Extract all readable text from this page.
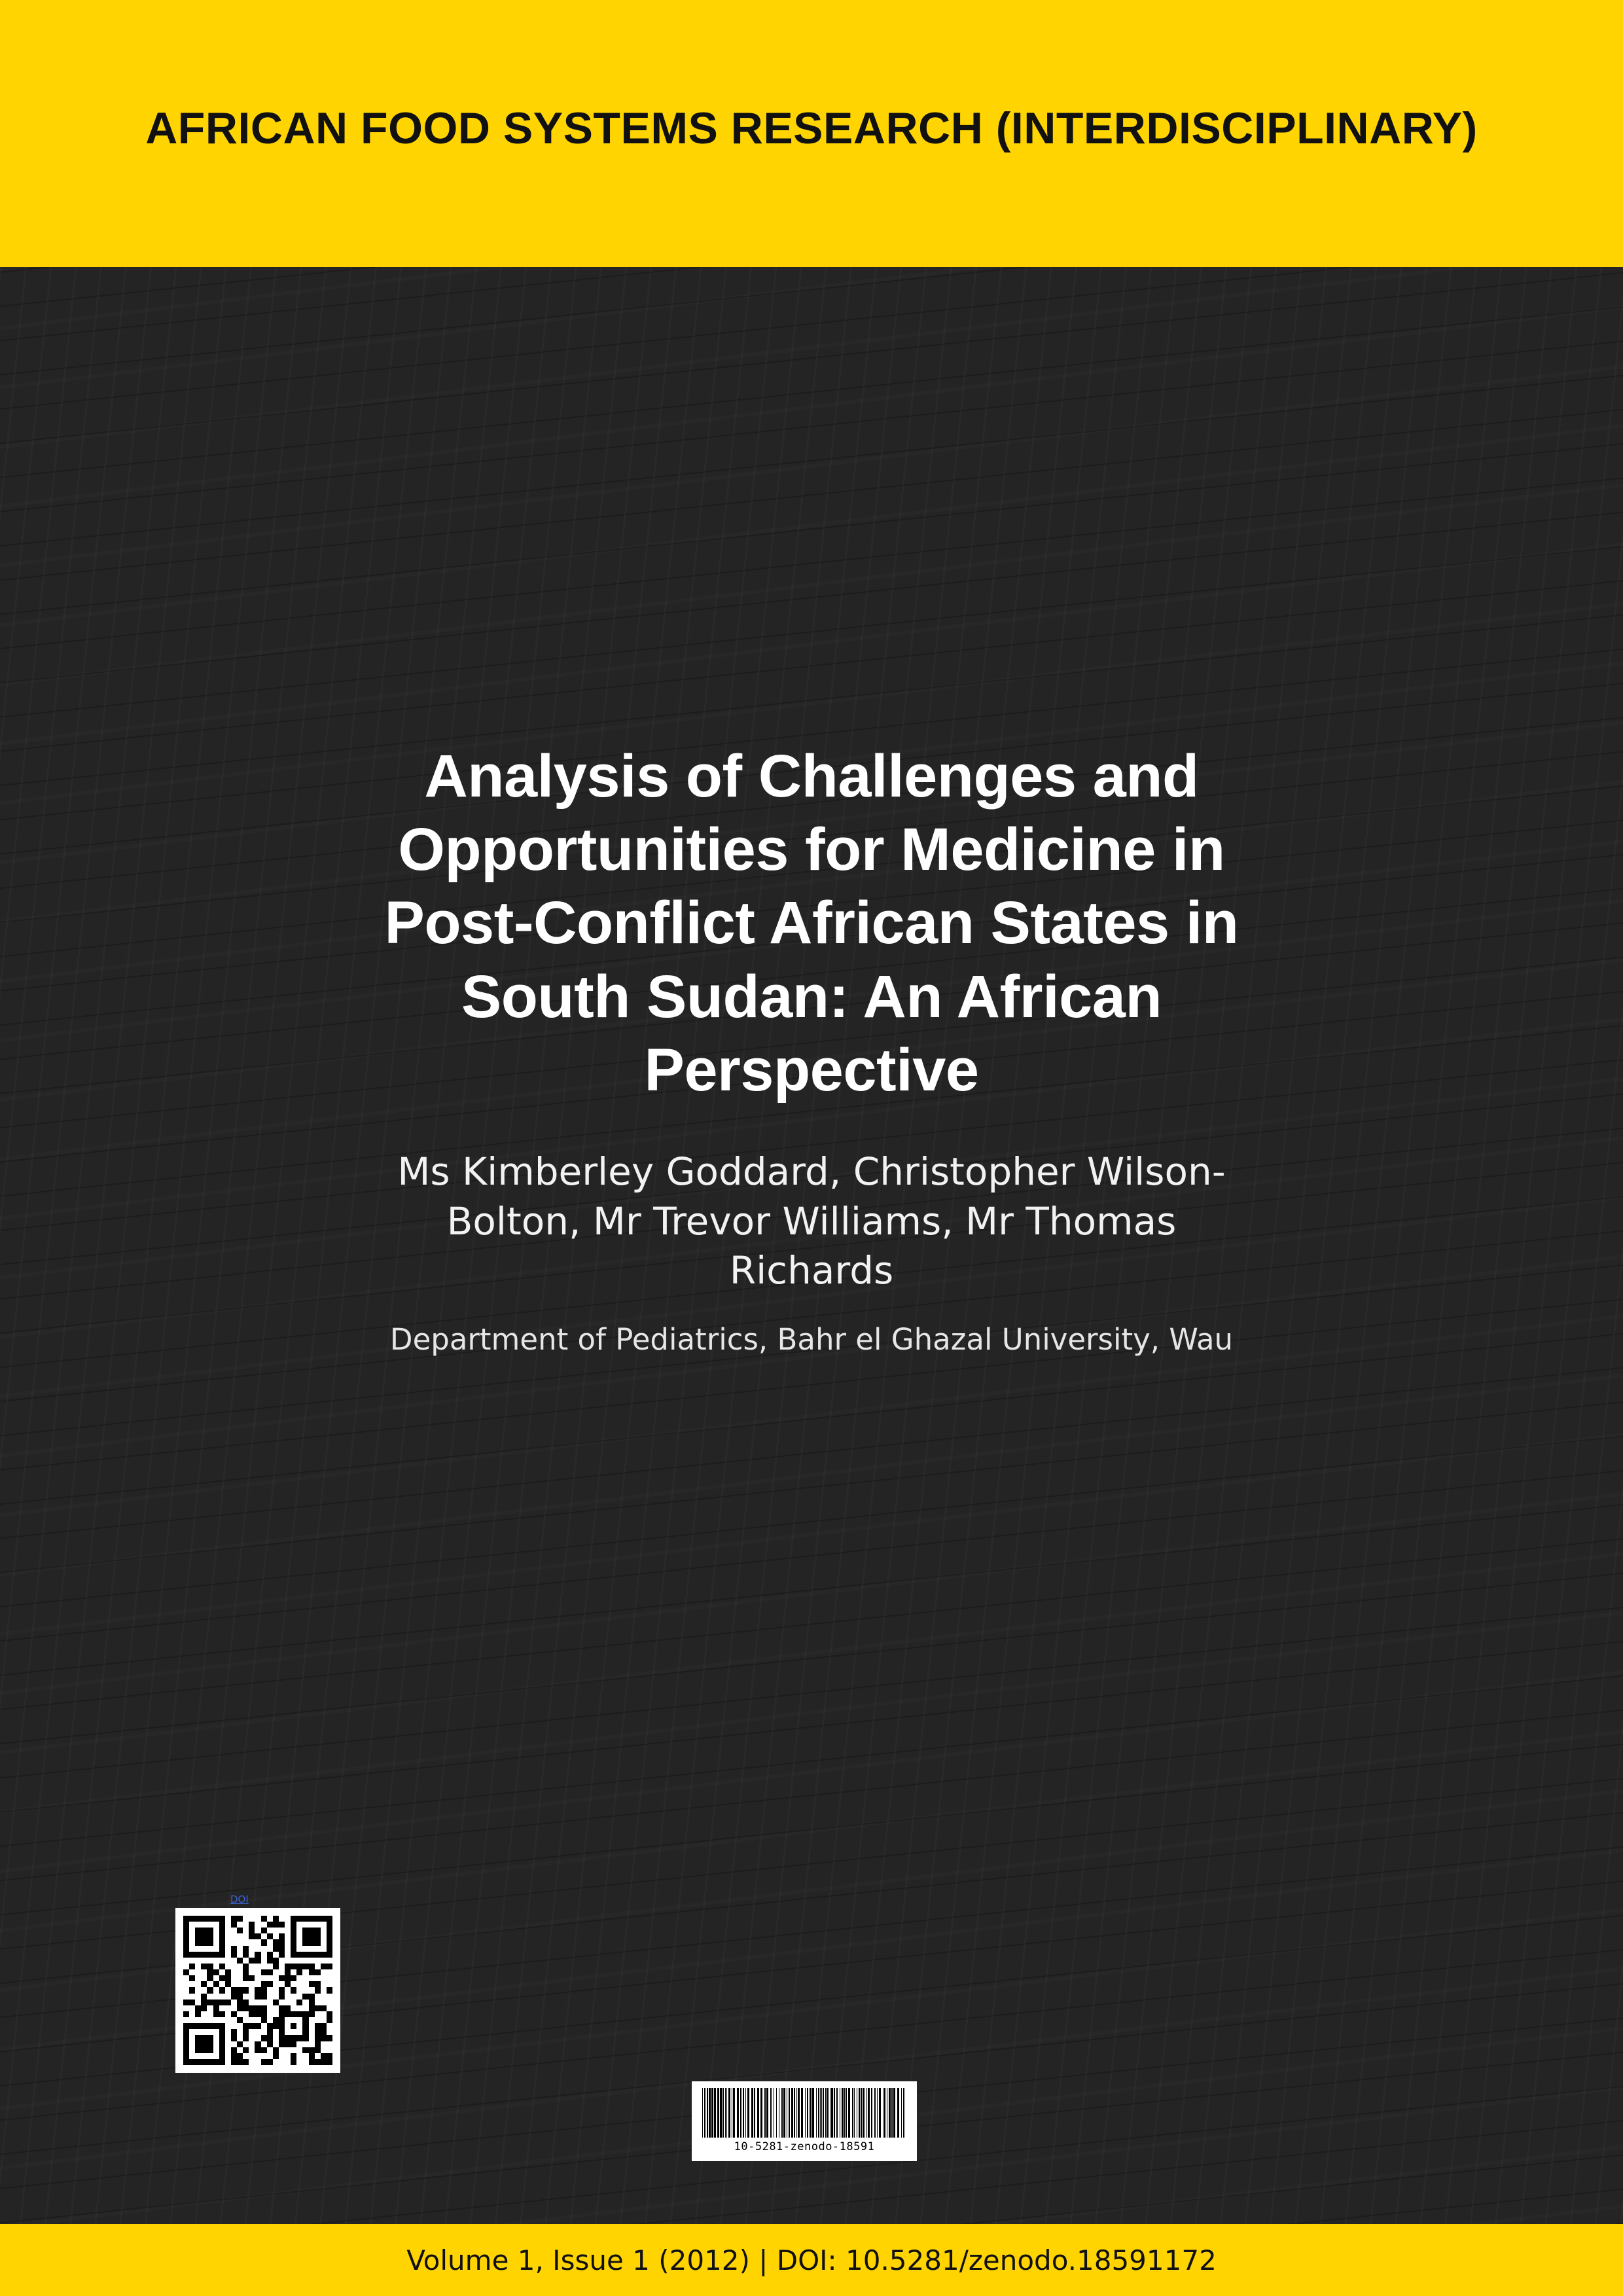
AFRICAN FOOD SYSTEMS RESEARCH (INTERDISCIPLINARY)
Analysis of Challenges and Opportunities for Medicine in Post-Conflict African States in South Sudan: An African Perspective

Ms Kimberley Goddard, Christopher Wilson-Bolton, Mr Trevor Williams, Mr Thomas Richards

Department of Pediatrics, Bahr el Ghazal University, Wau

DOI
10-5281-zenodo-18591
Volume 1, Issue 1 (2012) | DOI: 10.5281/zenodo.18591172
